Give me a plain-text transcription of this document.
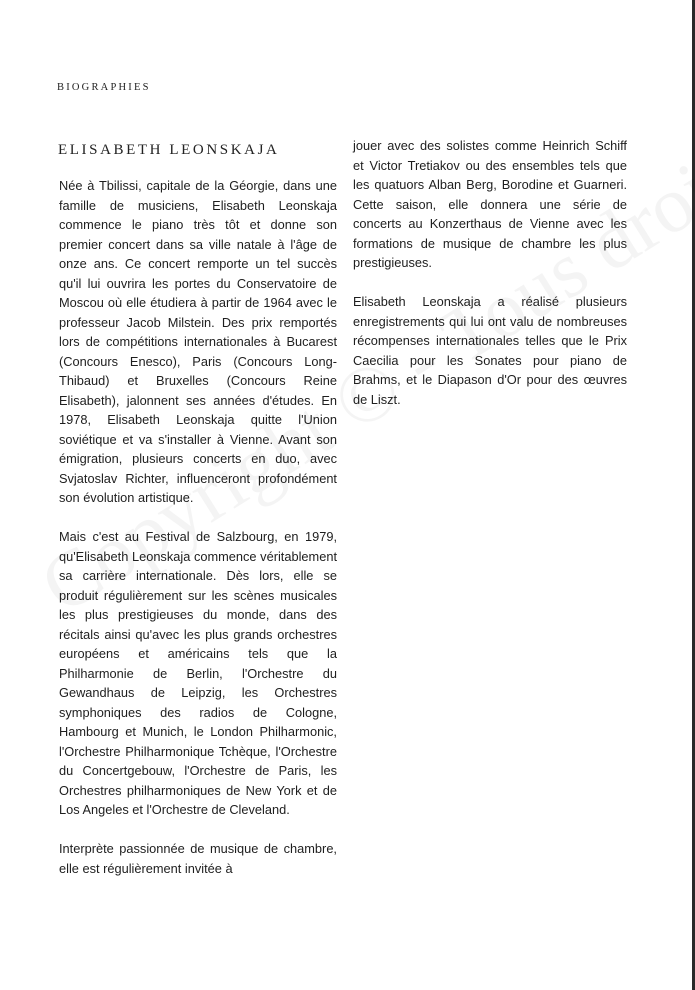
BIOGRAPHIES
ELISABETH LEONSKAJA

Née à Tbilissi, capitale de la Géorgie, dans une famille de musiciens, Elisabeth Leonskaja commence le piano très tôt et donne son premier concert dans sa ville natale à l'âge de onze ans. Ce concert remporte un tel succès qu'il lui ouvrira les portes du Conservatoire de Moscou où elle étudiera à partir de 1964 avec le professeur Jacob Milstein. Des prix remportés lors de compétitions internationales à Bucarest (Concours Enesco), Paris (Concours Long-Thibaud) et Bruxelles (Concours Reine Elisabeth), jalonnent ses années d'études. En 1978, Elisabeth Leonskaja quitte l'Union soviétique et va s'installer à Vienne. Avant son émigration, plusieurs concerts en duo, avec Svjatoslav Richter, influenceront profondément son évolution artistique.

Mais c'est au Festival de Salzbourg, en 1979, qu'Elisabeth Leonskaja commence véritablement sa carrière internationale. Dès lors, elle se produit régulièrement sur les scènes musicales les plus prestigieuses du monde, dans des récitals ainsi qu'avec les plus grands orchestres européens et américains tels que la Philharmonie de Berlin, l'Orchestre du Gewandhaus de Leipzig, les Orchestres symphoniques des radios de Cologne, Hambourg et Munich, le London Philharmonic, l'Orchestre Philharmonique Tchèque, l'Orchestre du Concertgebouw, l'Orchestre de Paris, les Orchestres philharmoniques de New York et de Los Angeles et l'Orchestre de Cleveland.

Interprète passionnée de musique de chambre, elle est régulièrement invitée à

jouer avec des solistes comme Heinrich Schiff et Victor Tretiakov ou des ensembles tels que les quatuors Alban Berg, Borodine et Guarneri. Cette saison, elle donnera une série de concerts au Konzerthaus de Vienne avec les formations de musique de chambre les plus prestigieuses.

Elisabeth Leonskaja a réalisé plusieurs enregistrements qui lui ont valu de nombreuses récompenses internationales telles que le Prix Caecilia pour les Sonates pour piano de Brahms, et le Diapason d'Or pour des œuvres de Liszt.
